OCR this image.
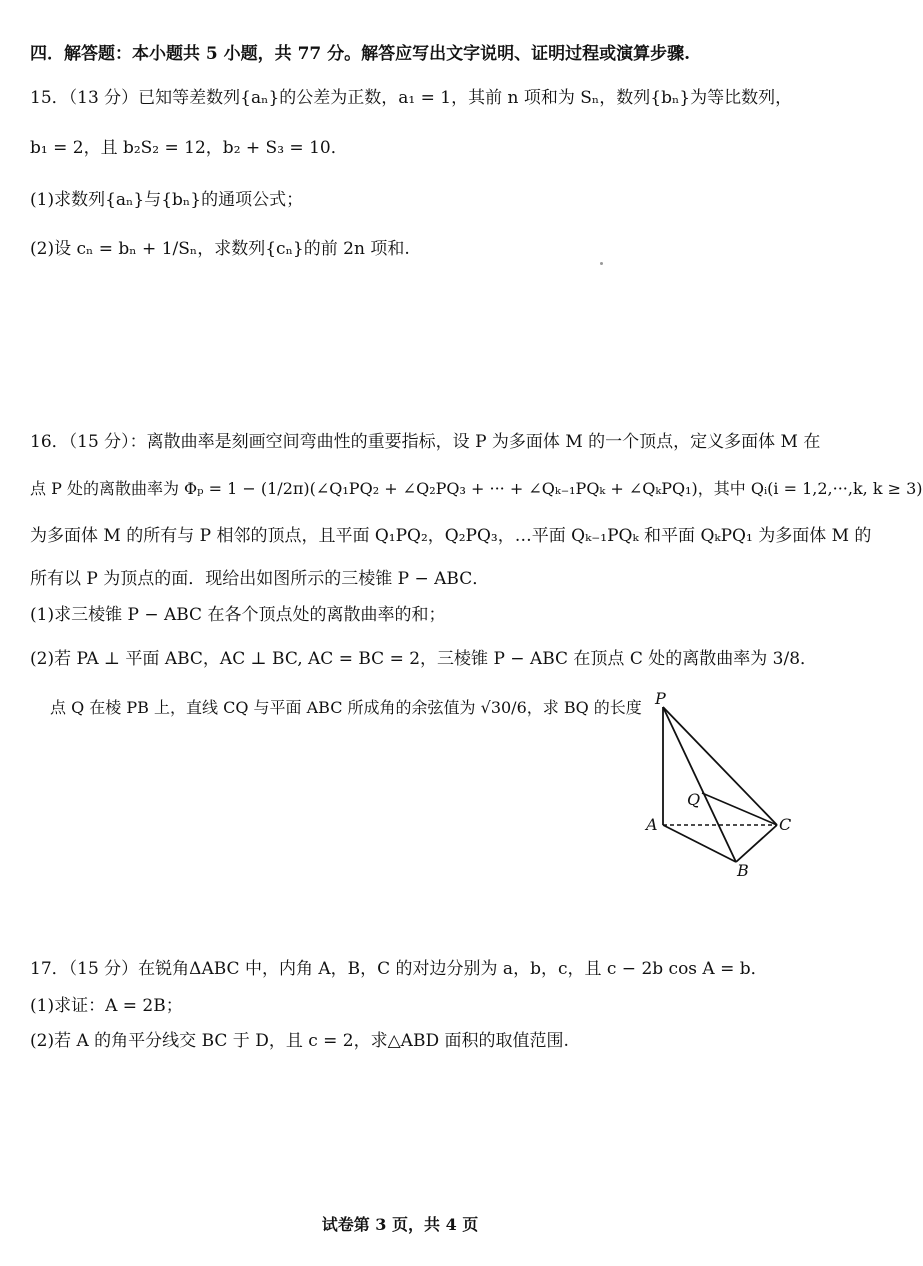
四．解答题：本小题共 5 小题，共 77 分。解答应写出文字说明、证明过程或演算步骤.
15．（13 分）已知等差数列{aₙ}的公差为正数，a₁ = 1，其前 n 项和为 Sₙ，数列{bₙ}为等比数列，
b₁ = 2，且 b₂S₂ = 12，b₂ + S₃ = 10．
(1)求数列{aₙ}与{bₙ}的通项公式；
(2)设 cₙ = bₙ + 1/Sₙ，求数列{cₙ}的前 2n 项和.
16．（15 分）：离散曲率是刻画空间弯曲性的重要指标，设 P 为多面体 M 的一个顶点，定义多面体 M 在
点 P 处的离散曲率为 Φₚ = 1 − (1/2π)(∠Q₁PQ₂ + ∠Q₂PQ₃ + ··· + ∠Qₖ₋₁PQₖ + ∠QₖPQ₁)，其中 Qᵢ(i = 1,2,···,k, k ≥ 3)
为多面体 M 的所有与 P 相邻的顶点，且平面 Q₁PQ₂，Q₂PQ₃，…平面 Qₖ₋₁PQₖ 和平面 QₖPQ₁ 为多面体 M 的
所有以 P 为顶点的面．现给出如图所示的三棱锥 P − ABC．
(1)求三棱锥 P − ABC 在各个顶点处的离散曲率的和；
(2)若 PA ⊥ 平面 ABC，AC ⊥ BC, AC = BC = 2，三棱锥 P − ABC 在顶点 C 处的离散曲率为 3/8．
点 Q 在棱 PB 上，直线 CQ 与平面 ABC 所成角的余弦值为 √30/6，求 BQ 的长度 P
Q
A	C
B
17．（15 分）在锐角ΔABC 中，内角 A，B，C 的对边分别为 a，b，c，且 c − 2b cos A = b．
(1)求证：A = 2B；
(2)若 A 的角平分线交 BC 于 D，且 c = 2，求△ABD 面积的取值范围.
试卷第 3 页，共 4 页
